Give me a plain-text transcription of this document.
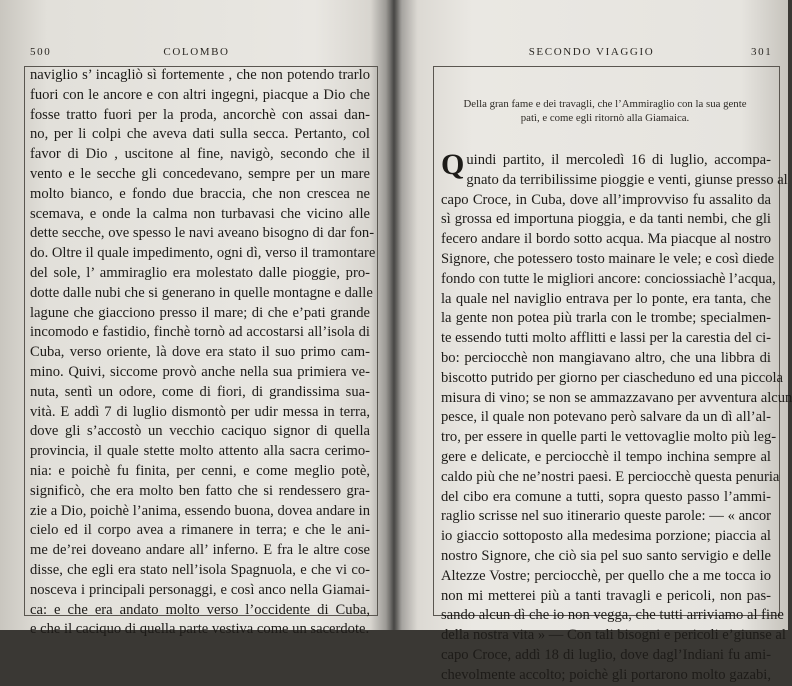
500	COLOMBO

naviglio s’ incagliò sì fortemente , che non potendo trarlo
fuori con le ancore e con altri ingegni, piacque a Dio che
fosse tratto fuori per la proda, ancorchè con assai dan-
no, per li colpi che aveva dati sulla secca. Pertanto, col
favor di Dio , uscitone al fine, navigò, secondo che il
vento e le secche gli concedevano, sempre per un mare
molto bianco, e fondo due braccia, che non crescea ne
scemava, e onde la calma non turbavasi che vicino alle
dette secche, ove spesso le navi aveano bisogno di dar fon-
do. Oltre il quale impedimento, ogni dì, verso il tramontare
del sole, l’ ammiraglio era molestato dalle pioggie, pro-
dotte dalle nubi che si generano in quelle montagne e dalle
lagune che giacciono presso il mare; di che e’pati grande
incomodo e fastidio, finchè tornò ad accostarsi all’isola di
Cuba, verso oriente, là dove era stato il suo primo cam-
mino. Quivi, siccome provò anche nella sua primiera ve-
nuta, sentì un odore, come di fiori, di grandissima sua-
vità. E addì 7 di luglio dismontò per udir messa in terra,
dove gli s’accostò un vecchio caciquo signor di quella
provincia, il quale stette molto attento alla sacra cerimo-
nia: e poichè fu finita, per cenni, e come meglio potè,
significò, che era molto ben fatto che si rendessero gra-
zie a Dio, poichè l’anima, essendo buona, dovea andare in
cielo ed il corpo avea a rimanere in terra; e che le ani-
me de’rei doveano andare all’ inferno. E fra le altre cose
disse, che egli era stato nell’isola Spagnuola, e che vi co-
nosceva i principali personaggi, e così anco nella Giamai-
ca: e che era andato molto verso l’occidente di Cuba,
e che il caciquo di quella parte vestiva come un sacerdote.
SECONDO VIAGGIO	301

Della gran fame e dei travagli, che l’Ammiraglio con la sua gente
patì, e come egli ritornò alla Giamaica.
Quindi partito, il mercoledì 16 di luglio, accompa-
gnato da terribilissime pioggie e venti, giunse presso al
capo Croce, in Cuba, dove all’improvviso fu assalito da
sì grossa ed importuna pioggia, e da tanti nembi, che gli
fecero andare il bordo sotto acqua. Ma piacque al nostro
Signore, che potessero tosto mainare le vele; e così diede
fondo con tutte le migliori ancore: conciossiachè l’acqua,
la quale nel naviglio entrava per lo ponte, era tanta, che
la gente non potea più trarla con le trombe; specialmen-
te essendo tutti molto afflitti e lassi per la carestia del ci-
bo: perciocchè non mangiavano altro, che una libbra di
biscotto putrido per giorno per ciascheduno ed una piccola
misura di vino; se non se ammazzavano per avventura alcun
pesce, il quale non potevano però salvare da un dì all’al-
tro, per essere in quelle parti le vettovaglie molto più leg-
gere e delicate, e perciocchè il tempo inchina sempre al
caldo più che ne’nostri paesi. E perciocchè questa penuria
del cibo era comune a tutti, sopra questo passo l’ammi-
raglio scrisse nel suo itinerario queste parole: — « ancor
io giaccio sottoposto alla medesima porzione; piaccia al
nostro Signore, che ciò sia pel suo santo servigio e delle
Altezze Vostre; perciocchè, per quello che a me tocca io
non mi metterei più a tanti travagli e pericoli, non pas-
sando alcun dì che io non vegga, che tutti arriviamo al fine
della nostra vita » — Con tali bisogni e pericoli e’giunse al
capo Croce, addì 18 di luglio, dove dagl’Indiani fu ami-
chevolmente accolto; poichè gli portarono molto gazabi,
